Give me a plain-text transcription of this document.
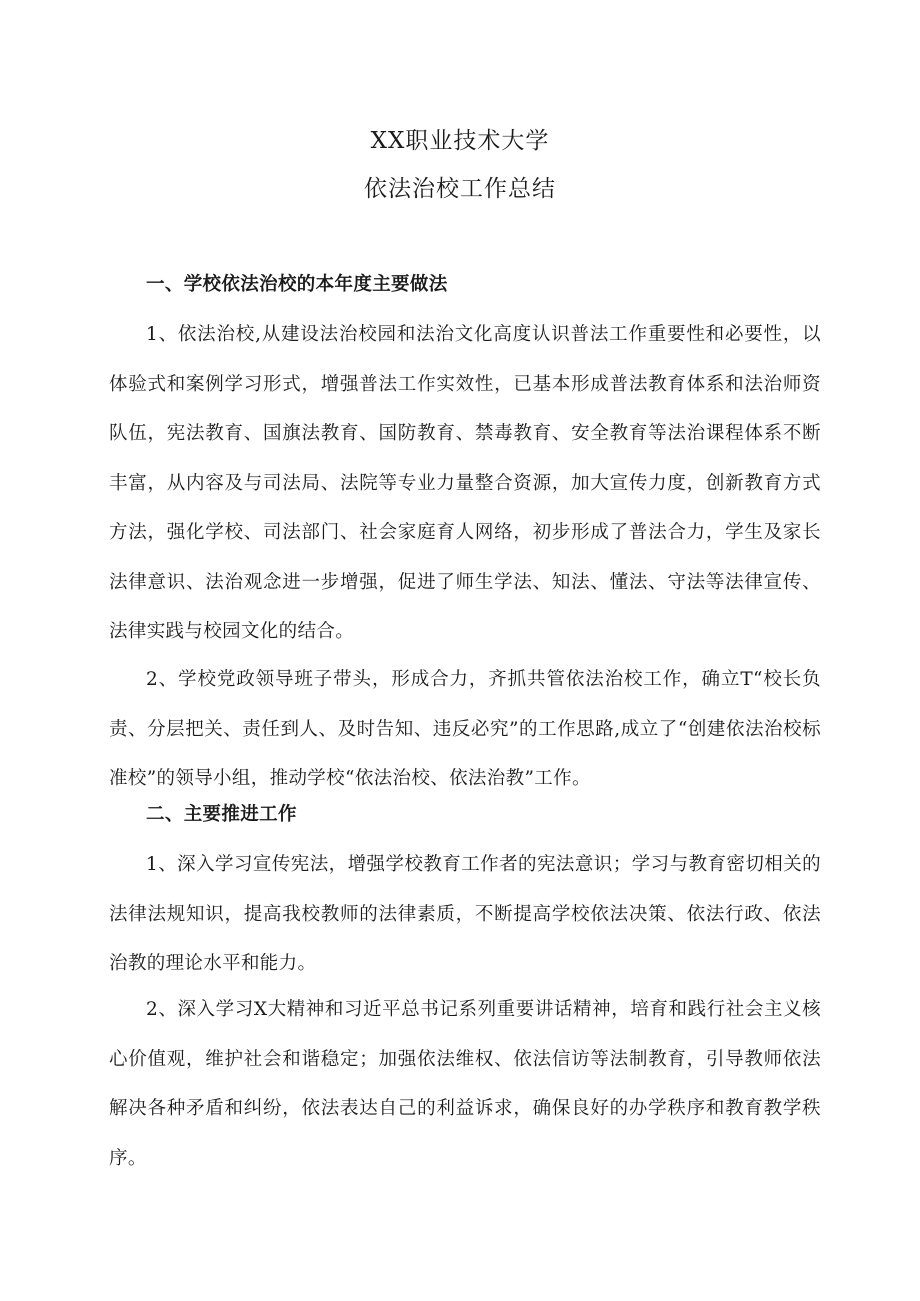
XX职业技术大学
依法治校工作总结
一、学校依法治校的本年度主要做法
1、依法治校,从建设法治校园和法治文化高度认识普法工作重要性和必要性，以体验式和案例学习形式，增强普法工作实效性，已基本形成普法教育体系和法治师资队伍，宪法教育、国旗法教育、国防教育、禁毒教育、安全教育等法治课程体系不断丰富，从内容及与司法局、法院等专业力量整合资源，加大宣传力度，创新教育方式方法，强化学校、司法部门、社会家庭育人网络，初步形成了普法合力，学生及家长法律意识、法治观念进一步增强，促进了师生学法、知法、懂法、守法等法律宣传、法律实践与校园文化的结合。
2、学校党政领导班子带头，形成合力，齐抓共管依法治校工作，确立T“校长负责、分层把关、责任到人、及时告知、违反必究”的工作思路,成立了“创建依法治校标准校”的领导小组，推动学校“依法治校、依法治教”工作。
二、主要推进工作
1、深入学习宣传宪法，增强学校教育工作者的宪法意识；学习与教育密切相关的法律法规知识，提高我校教师的法律素质，不断提高学校依法决策、依法行政、依法治教的理论水平和能力。
2、深入学习X大精神和习近平总书记系列重要讲话精神，培育和践行社会主义核心价值观，维护社会和谐稳定；加强依法维权、依法信访等法制教育，引导教师依法解决各种矛盾和纠纷，依法表达自己的利益诉求，确保良好的办学秩序和教育教学秩序。
